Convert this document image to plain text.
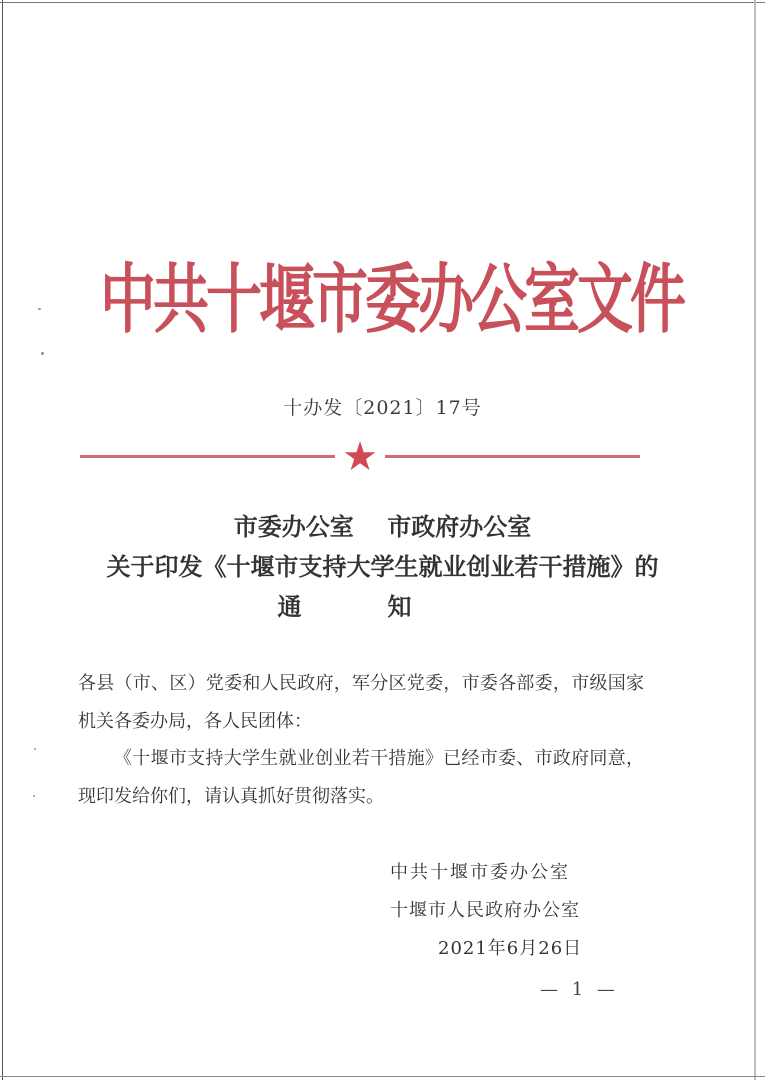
中共十堰市委办公室文件
十办发〔2021〕17号
★
市委办公室    市政府办公室
关于印发《十堰市支持大学生就业创业若干措施》的
通知

各县（市、区）党委和人民政府，军分区党委，市委各部委，市级国家机关各委办局，各人民团体：

《十堰市支持大学生就业创业若干措施》已经市委、市政府同意，现印发给你们，请认真抓好贯彻落实。

中共十堰市委办公室
十堰市人民政府办公室
2021年6月26日
— 1 —
